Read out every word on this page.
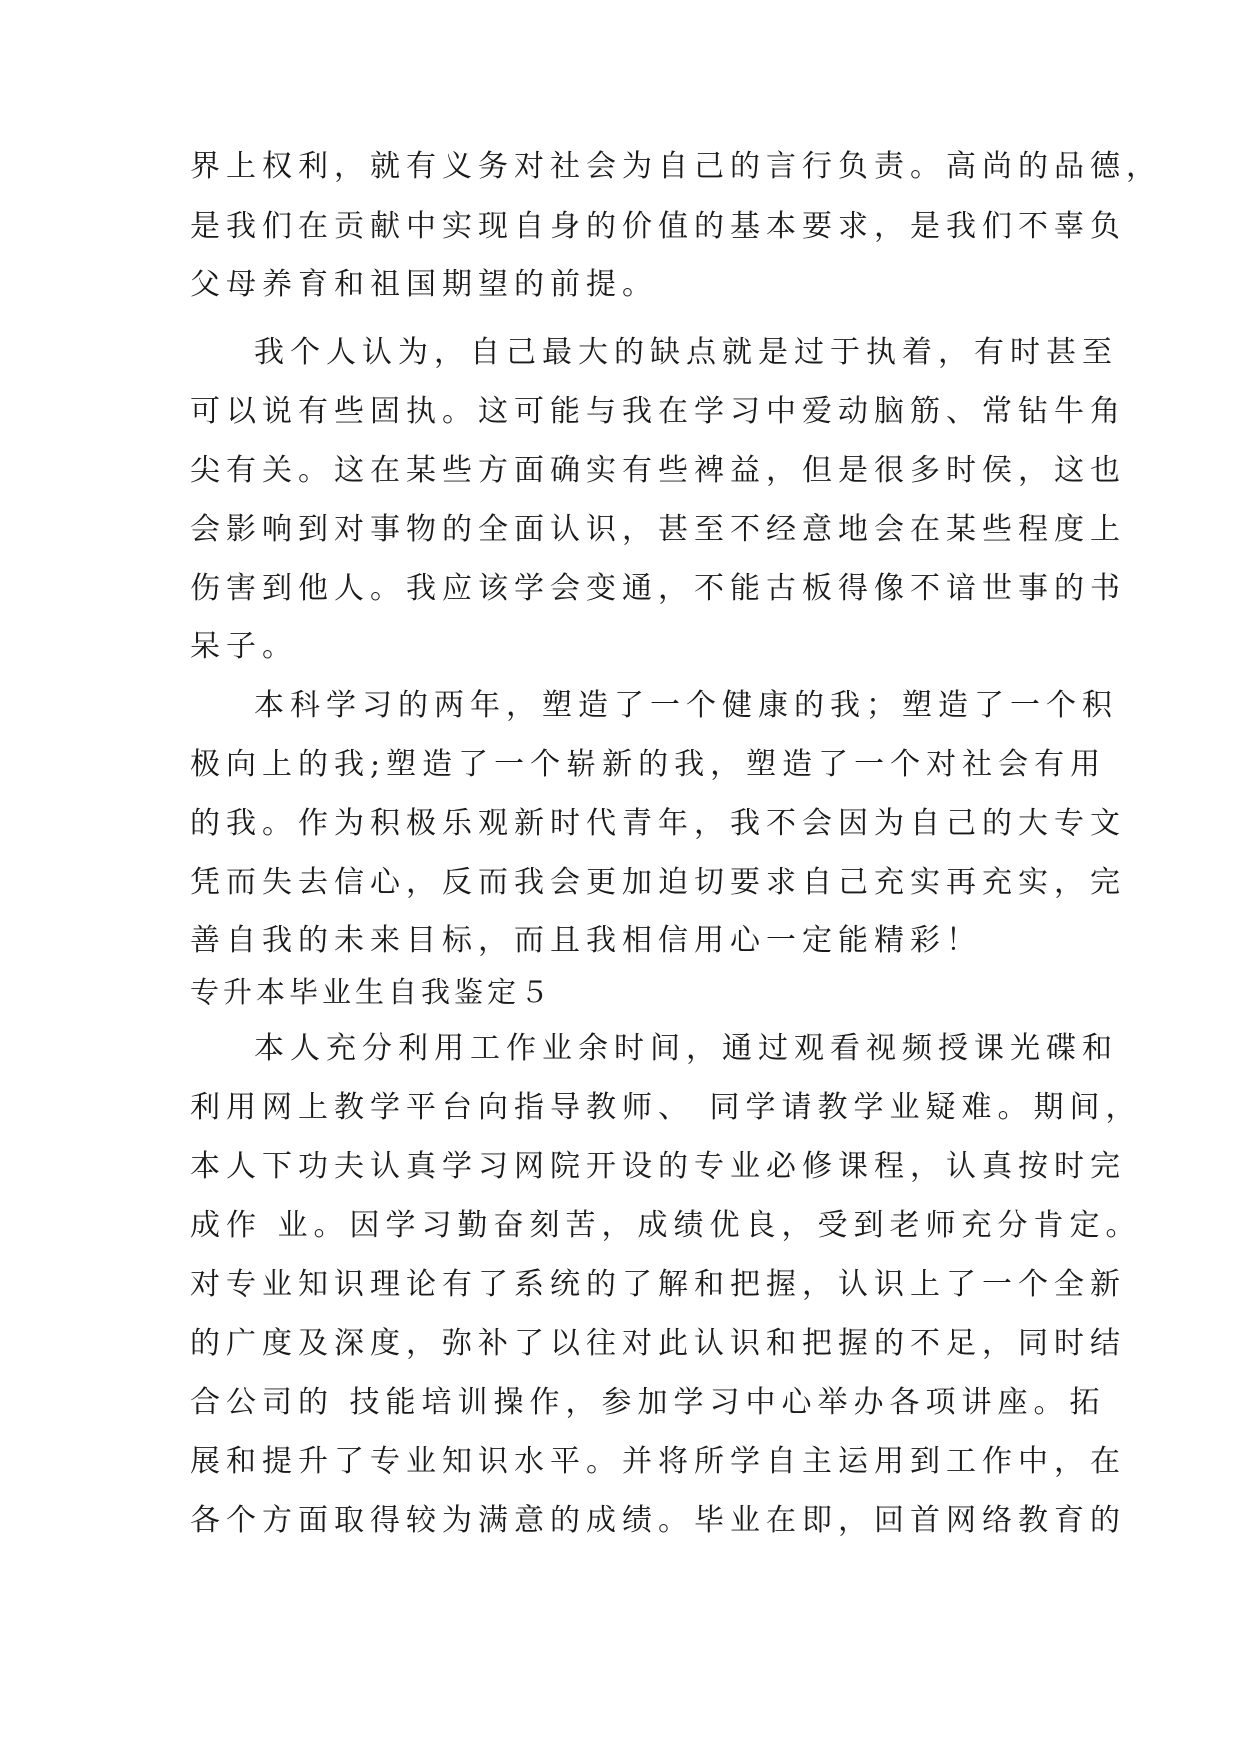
界上权利，就有义务对社会为自己的言行负责。高尚的品德，
是我们在贡献中实现自身的价值的基本要求，是我们不辜负
父母养育和祖国期望的前提。
我个人认为，自己最大的缺点就是过于执着，有时甚至
可以说有些固执。这可能与我在学习中爱动脑筋、常钻牛角
尖有关。这在某些方面确实有些裨益，但是很多时侯，这也
会影响到对事物的全面认识，甚至不经意地会在某些程度上
伤害到他人。我应该学会变通，不能古板得像不谙世事的书
呆子。
本科学习的两年，塑造了一个健康的我；塑造了一个积
极向上的我;塑造了一个崭新的我，塑造了一个对社会有用
的我。作为积极乐观新时代青年，我不会因为自己的大专文
凭而失去信心，反而我会更加迫切要求自己充实再充实，完
善自我的未来目标，而且我相信用心一定能精彩！
专升本毕业生自我鉴定５
本人充分利用工作业余时间，通过观看视频授课光碟和
利用网上教学平台向指导教师、 同学请教学业疑难。期间，
本人下功夫认真学习网院开设的专业必修课程，认真按时完
成作 业。因学习勤奋刻苦，成绩优良，受到老师充分肯定。
对专业知识理论有了系统的了解和把握，认识上了一个全新
的广度及深度，弥补了以往对此认识和把握的不足，同时结
合公司的 技能培训操作，参加学习中心举办各项讲座。拓
展和提升了专业知识水平。并将所学自主运用到工作中，在
各个方面取得较为满意的成绩。毕业在即，回首网络教育的
